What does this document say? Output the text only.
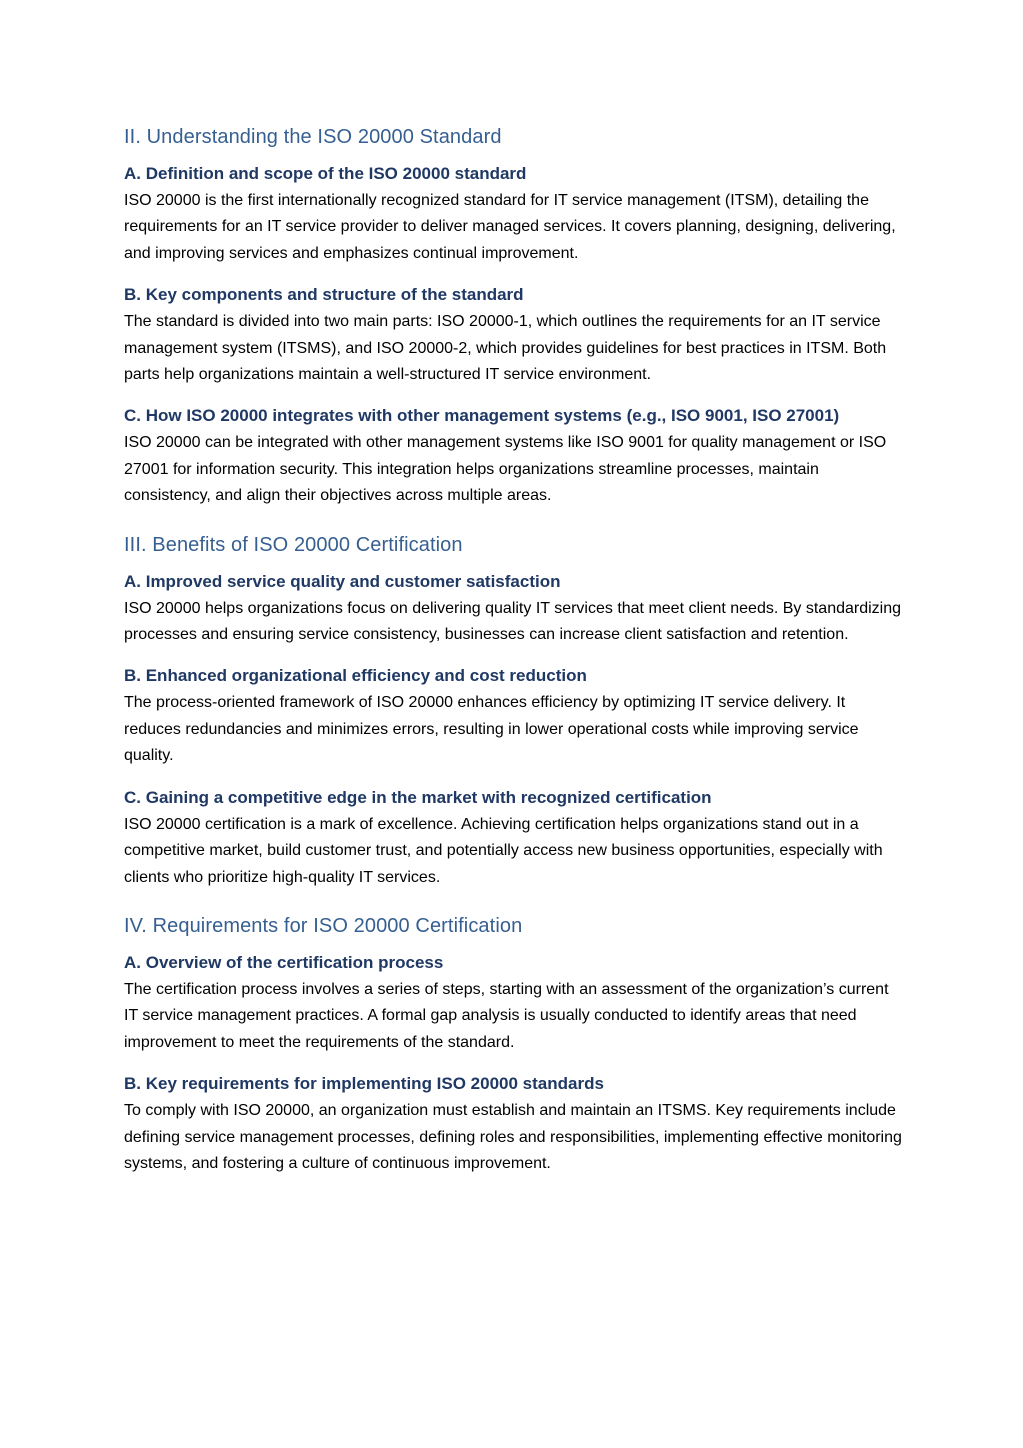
II. Understanding the ISO 20000 Standard
A. Definition and scope of the ISO 20000 standard

ISO 20000 is the first internationally recognized standard for IT service management (ITSM), detailing the requirements for an IT service provider to deliver managed services. It covers planning, designing, delivering, and improving services and emphasizes continual improvement.

B. Key components and structure of the standard

The standard is divided into two main parts: ISO 20000-1, which outlines the requirements for an IT service management system (ITSMS), and ISO 20000-2, which provides guidelines for best practices in ITSM. Both parts help organizations maintain a well-structured IT service environment.

C. How ISO 20000 integrates with other management systems (e.g., ISO 9001, ISO 27001)

ISO 20000 can be integrated with other management systems like ISO 9001 for quality management or ISO 27001 for information security. This integration helps organizations streamline processes, maintain consistency, and align their objectives across multiple areas.

III. Benefits of ISO 20000 Certification
A. Improved service quality and customer satisfaction

ISO 20000 helps organizations focus on delivering quality IT services that meet client needs. By standardizing processes and ensuring service consistency, businesses can increase client satisfaction and retention.

B. Enhanced organizational efficiency and cost reduction

The process-oriented framework of ISO 20000 enhances efficiency by optimizing IT service delivery. It reduces redundancies and minimizes errors, resulting in lower operational costs while improving service quality.

C. Gaining a competitive edge in the market with recognized certification

ISO 20000 certification is a mark of excellence. Achieving certification helps organizations stand out in a competitive market, build customer trust, and potentially access new business opportunities, especially with clients who prioritize high-quality IT services.

IV. Requirements for ISO 20000 Certification
A. Overview of the certification process

The certification process involves a series of steps, starting with an assessment of the organization’s current IT service management practices. A formal gap analysis is usually conducted to identify areas that need improvement to meet the requirements of the standard.

B. Key requirements for implementing ISO 20000 standards

To comply with ISO 20000, an organization must establish and maintain an ITSMS. Key requirements include defining service management processes, defining roles and responsibilities, implementing effective monitoring systems, and fostering a culture of continuous improvement.
